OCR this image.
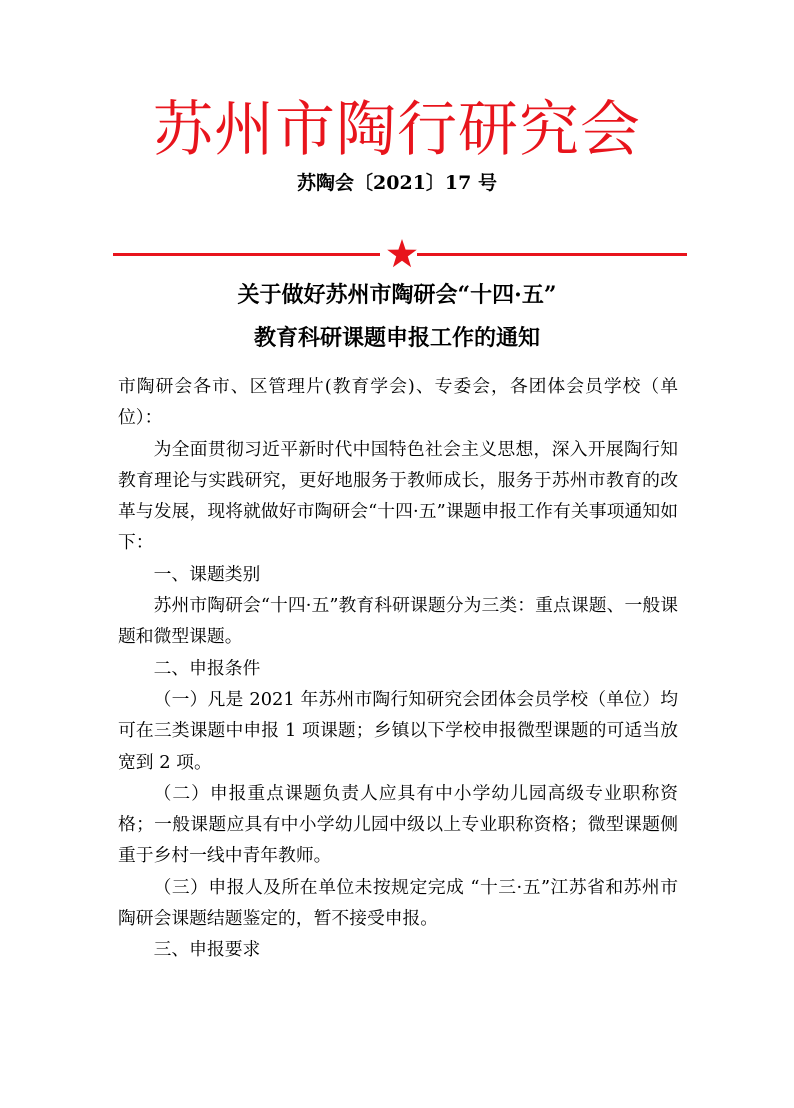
苏州市陶行研究会
苏陶会〔2021〕17 号
关于做好苏州市陶研会“十四·五”
教育科研课题申报工作的通知

市陶研会各市、区管理片(教育学会)、专委会，各团体会员学校（单位）：

为全面贯彻习近平新时代中国特色社会主义思想，深入开展陶行知教育理论与实践研究，更好地服务于教师成长，服务于苏州市教育的改革与发展，现将就做好市陶研会“十四·五”课题申报工作有关事项通知如下：

一、课题类别

苏州市陶研会“十四·五”教育科研课题分为三类：重点课题、一般课题和微型课题。

二、申报条件

（一）凡是 2021 年苏州市陶行知研究会团体会员学校（单位）均可在三类课题中申报 1 项课题；乡镇以下学校申报微型课题的可适当放宽到 2 项。

（二）申报重点课题负责人应具有中小学幼儿园高级专业职称资格；一般课题应具有中小学幼儿园中级以上专业职称资格；微型课题侧重于乡村一线中青年教师。

（三）申报人及所在单位未按规定完成 “十三·五”江苏省和苏州市陶研会课题结题鉴定的，暂不接受申报。

三、申报要求
